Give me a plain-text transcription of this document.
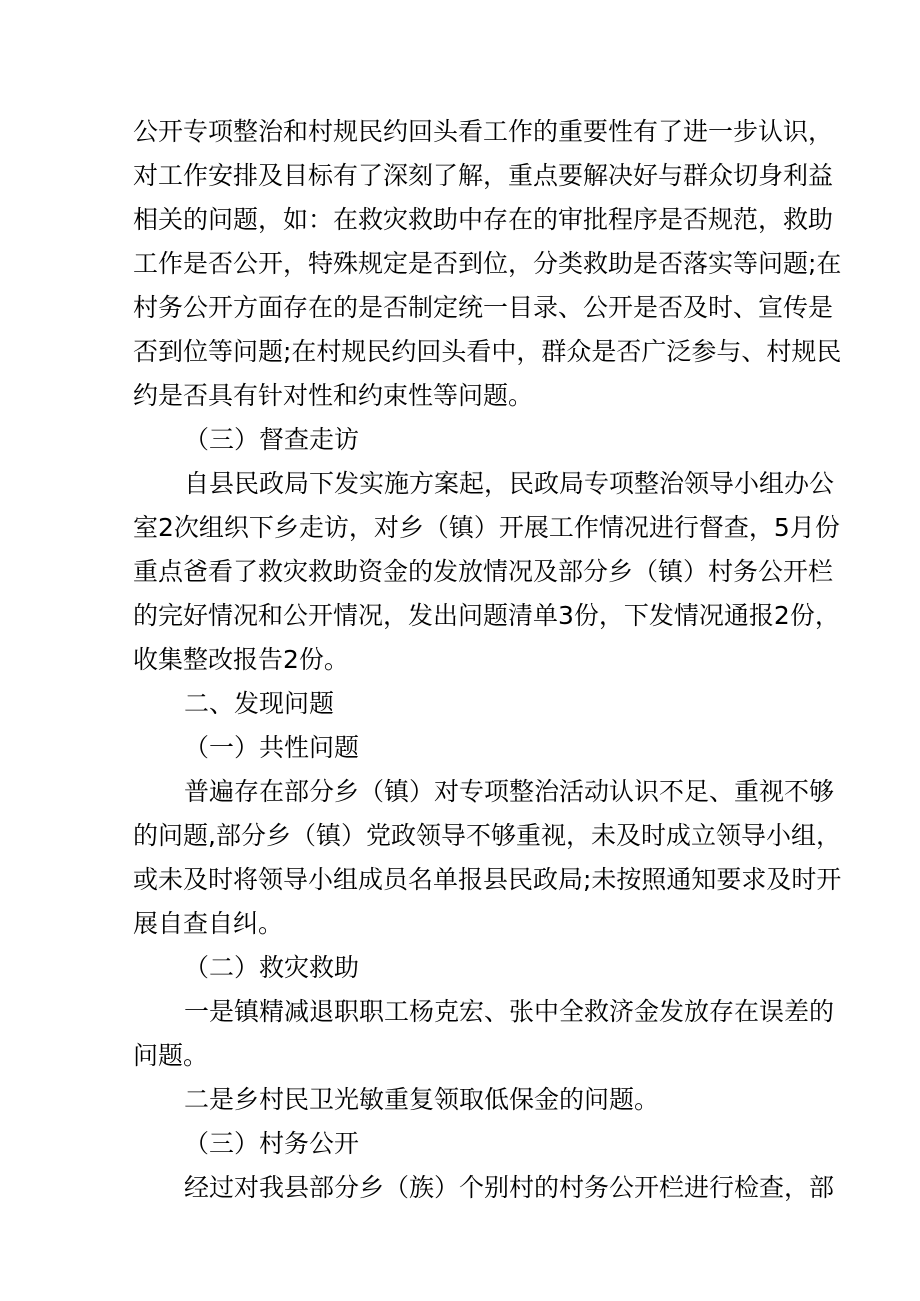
公开专项整治和村规民约回头看工作的重要性有了进一步认识，
对工作安排及目标有了深刻了解，重点要解决好与群众切身利益
相关的问题，如：在救灾救助中存在的审批程序是否规范，救助
工作是否公开，特殊规定是否到位，分类救助是否落实等问题;在
村务公开方面存在的是否制定统一目录、公开是否及时、宣传是
否到位等问题;在村规民约回头看中，群众是否广泛参与、村规民
约是否具有针对性和约束性等问题。
（三）督查走访
自县民政局下发实施方案起，民政局专项整治领导小组办公
室2次组织下乡走访，对乡（镇）开展工作情况进行督查，5月份
重点爸看了救灾救助资金的发放情况及部分乡（镇）村务公开栏
的完好情况和公开情况，发出问题清单3份，下发情况通报2份，
收集整改报告2份。
二、发现问题
（一）共性问题
普遍存在部分乡（镇）对专项整治活动认识不足、重视不够
的问题,部分乡（镇）党政领导不够重视，未及时成立领导小组，
或未及时将领导小组成员名单报县民政局;未按照通知要求及时开
展自查自纠。
（二）救灾救助
一是镇精减退职职工杨克宏、张中全救济金发放存在误差的
问题。
二是乡村民卫光敏重复领取低保金的问题。
（三）村务公开
经过对我县部分乡（族）个别村的村务公开栏进行检查，部
